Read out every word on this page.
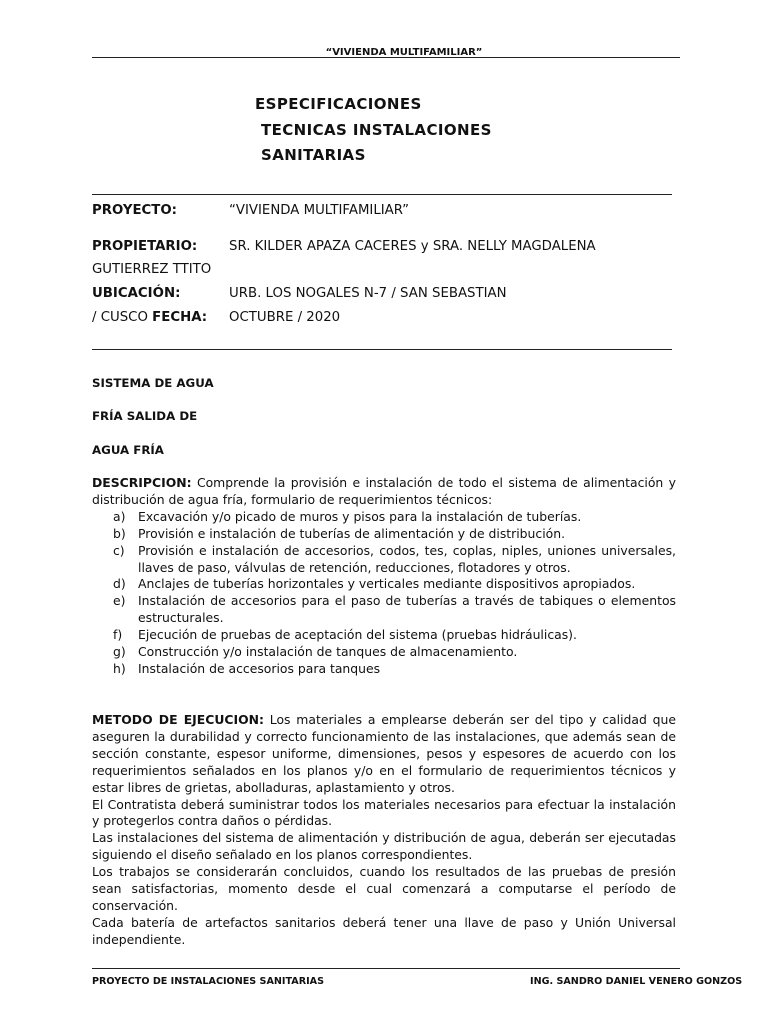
“VIVIENDA MULTIFAMILIAR”
ESPECIFICACIONES
TECNICAS INSTALACIONES
SANITARIAS
PROYECTO:	“VIVIENDA MULTIFAMILIAR”
PROPIETARIO: SR. KILDER APAZA CACERES y SRA. NELLY MAGDALENA
GUTIERREZ TTITO
UBICACIÓN:	URB. LOS NOGALES N-7 / SAN SEBASTIAN
/ CUSCO FECHA: OCTUBRE / 2020
SISTEMA DE AGUA
FRÍA SALIDA DE
AGUA FRÍA
DESCRIPCION: Comprende la provisión e instalación de todo el sistema de alimentación y distribución de agua fría, formulario de requerimientos técnicos:
a) Excavación y/o picado de muros y pisos para la instalación de tuberías.
b) Provisión e instalación de tuberías de alimentación y de distribución.
c) Provisión e instalación de accesorios, codos, tes, coplas, niples, uniones universales, llaves de paso, válvulas de retención, reducciones, flotadores y otros.
d) Anclajes de tuberías horizontales y verticales mediante dispositivos apropiados.
e) Instalación de accesorios para el paso de tuberías a través de tabiques o elementos estructurales.
f) Ejecución de pruebas de aceptación del sistema (pruebas hidráulicas).
g) Construcción y/o instalación de tanques de almacenamiento.
h) Instalación de accesorios para tanques

METODO DE EJECUCION: Los materiales a emplearse deberán ser del tipo y calidad que aseguren la durabilidad y correcto funcionamiento de las instalaciones, que además sean de sección constante, espesor uniforme, dimensiones, pesos y espesores de acuerdo con los requerimientos señalados en los planos y/o en el formulario de requerimientos técnicos y estar libres de grietas, abolladuras, aplastamiento y otros.

El Contratista deberá suministrar todos los materiales necesarios para efectuar la instalación y protegerlos contra daños o pérdidas.

Las instalaciones del sistema de alimentación y distribución de agua, deberán ser ejecutadas siguiendo el diseño señalado en los planos correspondientes.

Los trabajos se considerarán concluidos, cuando los resultados de las pruebas de presión sean satisfactorias, momento desde el cual comenzará a computarse el período de conservación.

Cada batería de artefactos sanitarios deberá tener una llave de paso y Unión Universal independiente.

PROYECTO DE INSTALACIONES SANITARIAS	ING. SANDRO DANIEL VENERO GONZOS
